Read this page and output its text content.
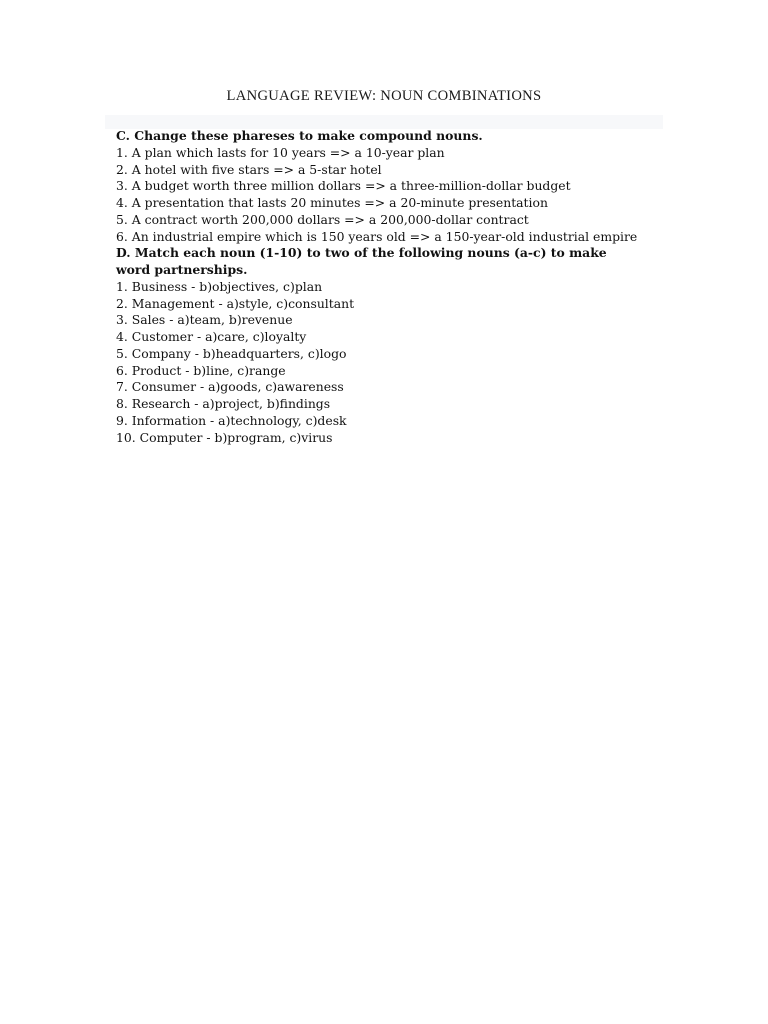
LANGUAGE REVIEW: NOUN COMBINATIONS
C. Change these phareses to make compound nouns.
1. A plan which lasts for 10 years => a 10-year plan
2. A hotel with five stars => a 5-star hotel
3. A budget worth three million dollars => a three-million-dollar budget
4. A presentation that lasts 20 minutes => a 20-minute presentation
5. A contract worth 200,000 dollars => a 200,000-dollar contract
6. An industrial empire which is 150 years old => a 150-year-old industrial empire
D. Match each noun (1-10) to two of the following nouns (a-c) to make word partnerships.
1. Business - b)objectives, c)plan
2. Management - a)style, c)consultant
3. Sales - a)team, b)revenue
4. Customer - a)care, c)loyalty
5. Company - b)headquarters, c)logo
6. Product - b)line, c)range
7. Consumer - a)goods, c)awareness
8. Research - a)project, b)findings
9. Information - a)technology, c)desk
10. Computer - b)program, c)virus
